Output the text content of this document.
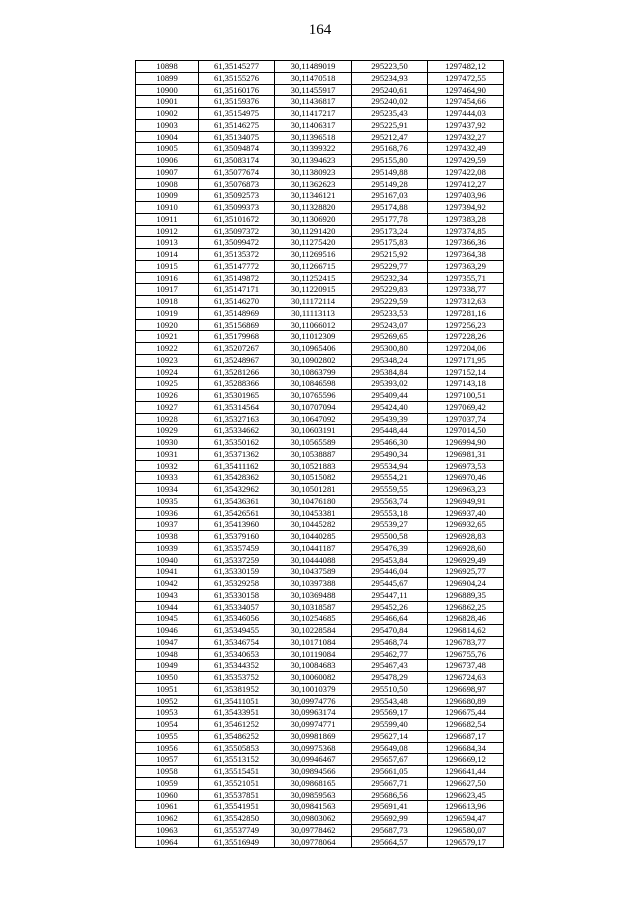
164
10898	61,35145277	30,11489019	295223,50	1297482,12
10899	61,35155276	30,11470518	295234,93	1297472,55
10900	61,35160176	30,11455917	295240,61	1297464,90
10901	61,35159376	30,11436817	295240,02	1297454,66
10902	61,35154975	30,11417217	295235,43	1297444,03
10903	61,35146275	30,11406317	295225,91	1297437,92
10904	61,35134075	30,11396518	295212,47	1297432,27
10905	61,35094874	30,11399322	295168,76	1297432,49
10906	61,35083174	30,11394623	295155,80	1297429,59
10907	61,35077674	30,11380923	295149,88	1297422,08
10908	61,35076873	30,11362623	295149,28	1297412,27
10909	61,35092573	30,11346121	295167,03	1297403,96
10910	61,35099373	30,11328820	295174,88	1297394,92
10911	61,35101672	30,11306920	295177,78	1297383,28
10912	61,35097372	30,11291420	295173,24	1297374,85
10913	61,35099472	30,11275420	295175,83	1297366,36
10914	61,35135372	30,11269516	295215,92	1297364,38
10915	61,35147772	30,11266715	295229,77	1297363,29
10916	61,35149872	30,11252415	295232,34	1297355,71
10917	61,35147171	30,11220915	295229,83	1297338,77
10918	61,35146270	30,11172114	295229,59	1297312,63
10919	61,35148969	30,11113113	295233,53	1297281,16
10920	61,35156869	30,11066012	295243,07	1297256,23
10921	61,35179968	30,11012309	295269,65	1297228,26
10922	61,35207267	30,10965406	295300,80	1297204,06
10923	61,35248967	30,10902802	295348,24	1297171,95
10924	61,35281266	30,10863799	295384,84	1297152,14
10925	61,35288366	30,10846598	295393,02	1297143,18
10926	61,35301965	30,10765596	295409,44	1297100,51
10927	61,35314564	30,10707094	295424,40	1297069,42
10928	61,35327163	30,10647092	295439,39	1297037,74
10929	61,35334662	30,10603191	295448,44	1297014,50
10930	61,35350162	30,10565589	295466,30	1296994,90
10931	61,35371362	30,10538887	295490,34	1296981,31
10932	61,35411162	30,10521883	295534,94	1296973,53
10933	61,35428362	30,10515082	295554,21	1296970,46
10934	61,35432962	30,10501281	295559,55	1296963,23
10935	61,35436361	30,10476180	295563,74	1296949,91
10936	61,35426561	30,10453381	295553,18	1296937,40
10937	61,35413960	30,10445282	295539,27	1296932,65
10938	61,35379160	30,10440285	295500,58	1296928,83
10939	61,35357459	30,10441187	295476,39	1296928,60
10940	61,35337259	30,10444088	295453,84	1296929,49
10941	61,35330159	30,10437589	295446,04	1296925,77
10942	61,35329258	30,10397388	295445,67	1296904,24
10943	61,35330158	30,10369488	295447,11	1296889,35
10944	61,35334057	30,10318587	295452,26	1296862,25
10945	61,35346056	30,10254685	295466,64	1296828,46
10946	61,35349455	30,10228584	295470,84	1296814,62
10947	61,35346754	30,10171084	295468,74	1296783,77
10948	61,35340653	30,10119084	295462,77	1296755,76
10949	61,35344352	30,10084683	295467,43	1296737,48
10950	61,35353752	30,10060082	295478,29	1296724,63
10951	61,35381952	30,10010379	295510,50	1296698,97
10952	61,35411051	30,09974776	295543,48	1296680,89
10953	61,35433951	30,09963174	295569,17	1296675,44
10954	61,35461252	30,09974771	295599,40	1296682,54
10955	61,35486252	30,09981869	295627,14	1296687,17
10956	61,35505853	30,09975368	295649,08	1296684,34
10957	61,35513152	30,09946467	295657,67	1296669,12
10958	61,35515451	30,09894566	295661,05	1296641,44
10959	61,35521051	30,09868165	295667,71	1296627,50
10960	61,35537851	30,09859563	295686,56	1296623,45
10961	61,35541951	30,09841563	295691,41	1296613,96
10962	61,35542850	30,09803062	295692,99	1296594,47
10963	61,35537749	30,09778462	295687,73	1296580,07
10964	61,35516949	30,09778064	295664,57	1296579,17
